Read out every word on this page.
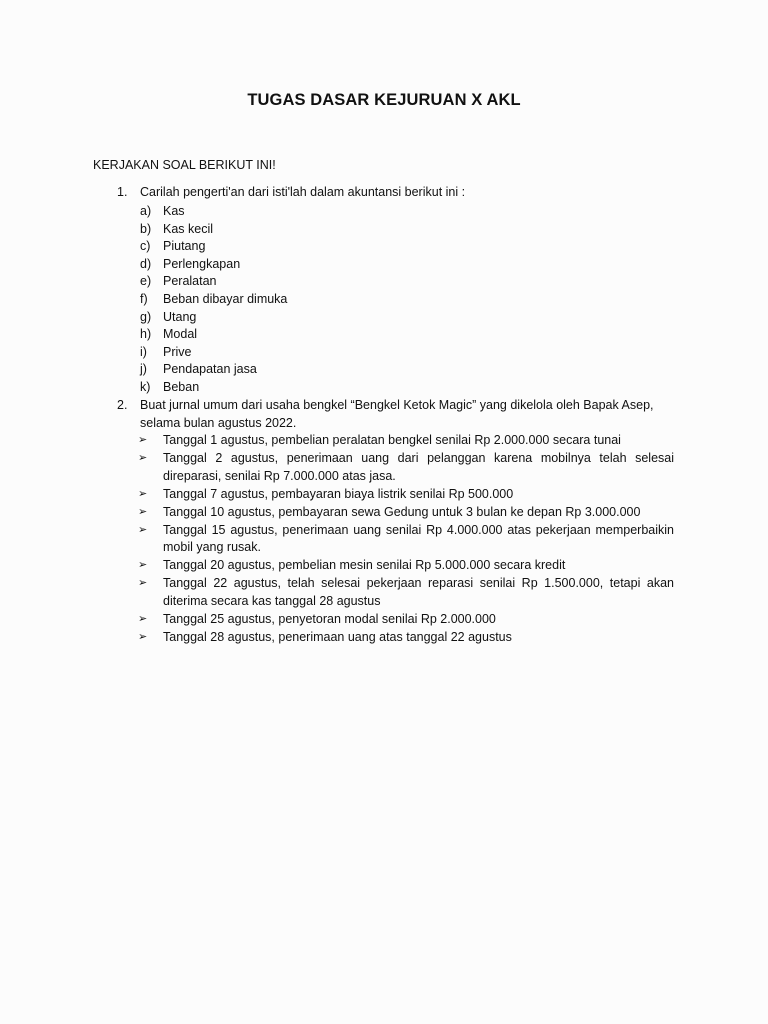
TUGAS DASAR KEJURUAN X AKL
KERJAKAN SOAL BERIKUT INI!
1.	Carilah pengerti'an dari isti'lah dalam akuntansi berikut ini :
a) Kas
b) Kas kecil
c)	Piutang
d) Perlengkapan
e) Peralatan
f)	Beban dibayar dimuka
g) Utang
h) Modal
i)	Prive
j)	Pendapatan jasa
k)	Beban
2.	Buat jurnal umum dari usaha bengkel “Bengkel Ketok Magic” yang dikelola oleh Bapak Asep, selama bulan agustus 2022.
➢	Tanggal 1 agustus, pembelian peralatan bengkel senilai Rp 2.000.000 secara tunai
➢	Tanggal 2 agustus, penerimaan uang dari pelanggan karena mobilnya telah selesai direparasi, senilai Rp 7.000.000 atas jasa.
➢	Tanggal 7 agustus, pembayaran biaya listrik senilai Rp 500.000
➢	Tanggal 10 agustus, pembayaran sewa Gedung untuk 3 bulan ke depan Rp 3.000.000
➢	Tanggal 15 agustus, penerimaan uang senilai Rp 4.000.000 atas pekerjaan memperbaikin mobil yang rusak.
➢	Tanggal 20 agustus, pembelian mesin senilai Rp 5.000.000 secara kredit
➢	Tanggal 22 agustus, telah selesai pekerjaan reparasi senilai Rp 1.500.000, tetapi akan diterima secara kas tanggal 28 agustus
➢	Tanggal 25 agustus, penyetoran modal senilai Rp 2.000.000
➢	Tanggal 28 agustus, penerimaan uang atas tanggal 22 agustus
